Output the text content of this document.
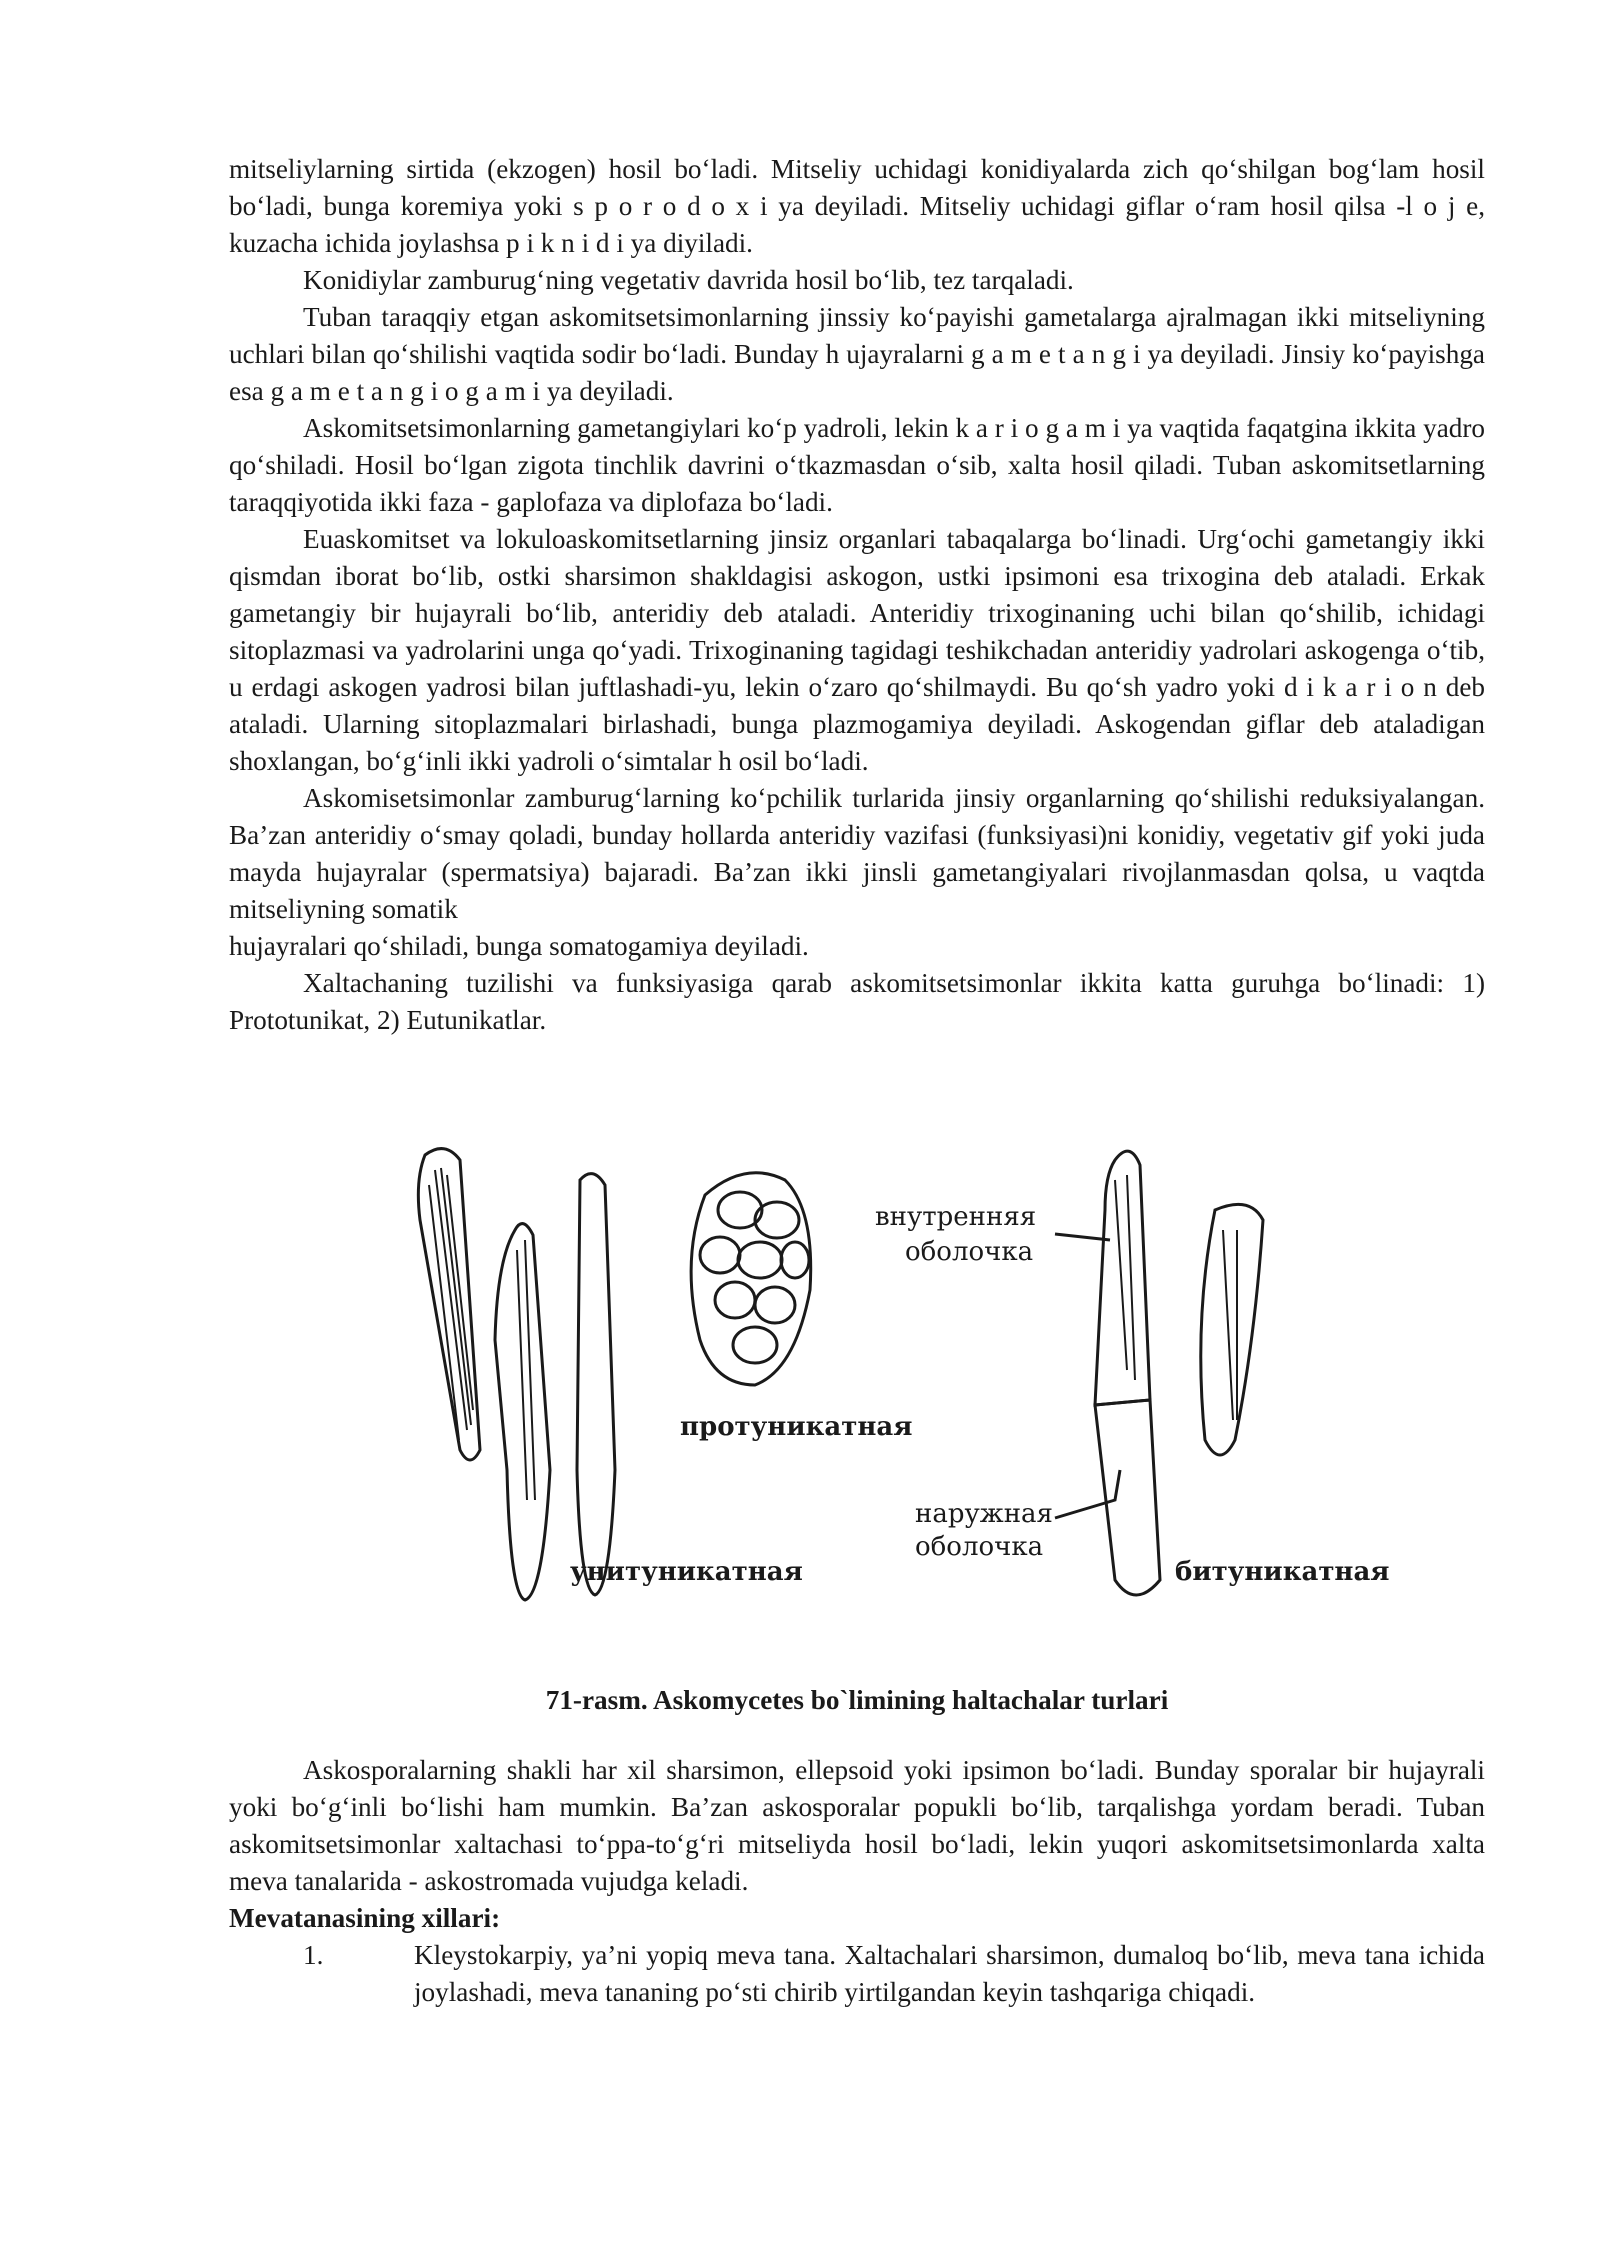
mitseliylarning sirtida (ekzogen) hosil bo‘ladi. Mitseliy uchidagi konidiyalarda zich qo‘shilgan bog‘lam hosil bo‘ladi, bunga koremiya yoki s p o r o d o x i ya deyiladi. Mitseliy uchidagi giflar o‘ram hosil qilsa -l o j e, kuzacha ichida joylashsa p i k n i d i ya diyiladi.

Konidiylar zamburug‘ning vegetativ davrida hosil bo‘lib, tez tarqaladi.

Tuban taraqqiy etgan askomitsetsimonlarning jinssiy ko‘payishi gametalarga ajralmagan ikki mitseliyning uchlari bilan qo‘shilishi vaqtida sodir bo‘ladi. Bunday h ujayralarni g a m e t a n g i ya deyiladi. Jinsiy ko‘payishga esa g a m e t a n g i o g a m i ya deyiladi.

Askomitsetsimonlarning gametangiylari ko‘p yadroli, lekin k a r i o g a m i ya vaqtida faqatgina ikkita yadro qo‘shiladi. Hosil bo‘lgan zigota tinchlik davrini o‘tkazmasdan o‘sib, xalta hosil qiladi. Tuban askomitsetlarning taraqqiyotida ikki faza - gaplofaza va diplofaza bo‘ladi.

Euaskomitset va lokuloaskomitsetlarning jinsiz organlari tabaqalarga bo‘linadi. Urg‘ochi gametangiy ikki qismdan iborat bo‘lib, ostki sharsimon shakldagisi askogon, ustki ipsimoni esa trixogina deb ataladi. Erkak gametangiy bir hujayrali bo‘lib, anteridiy deb ataladi. Anteridiy trixoginaning uchi bilan qo‘shilib, ichidagi sitoplazmasi va yadrolarini unga qo‘yadi. Trixoginaning tagidagi teshikchadan anteridiy yadrolari askogenga o‘tib, u erdagi askogen yadrosi bilan juftlashadi-yu, lekin o‘zaro qo‘shilmaydi. Bu qo‘sh yadro yoki d i k a r i o n deb ataladi. Ularning sitoplazmalari birlashadi, bunga plazmogamiya deyiladi. Askogendan giflar deb ataladigan shoxlangan, bo‘g‘inli ikki yadroli o‘simtalar h osil bo‘ladi.

Askomisetsimonlar zamburug‘larning ko‘pchilik turlarida jinsiy organlarning qo‘shilishi reduksiyalangan. Ba’zan anteridiy o‘smay qoladi, bunday hollarda anteridiy vazifasi (funksiyasi)ni konidiy, vegetativ gif yoki juda mayda hujayralar (spermatsiya) bajaradi. Ba’zan ikki jinsli gametangiyalari rivojlanmasdan qolsa, u vaqtda mitseliyning somatik

hujayralari qo‘shiladi, bunga somatogamiya deyiladi.

Xaltachaning tuzilishi va funksiyasiga qarab askomitsetsimonlar ikkita katta guruhga bo‘linadi: 1) Prototunikat, 2) Eutunikatlar.

внутренняя
оболочка
протуникатная
наружная
оболочка
унитуникатная	битуникатная
71-rasm. Askomycetes bo`limining haltachalar turlari

Askosporalarning shakli har xil sharsimon, ellepsoid yoki ipsimon bo‘ladi. Bunday sporalar bir hujayrali yoki bo‘g‘inli bo‘lishi ham mumkin. Ba’zan askosporalar popukli bo‘lib, tarqalishga yordam beradi. Tuban askomitsetsimonlar xaltachasi to‘ppa-to‘g‘ri mitseliyda hosil bo‘ladi, lekin yuqori askomitsetsimonlarda xalta meva tanalarida - askostromada vujudga keladi.

Mevatanasining xillari:

1.	Kleystokarpiy, ya’ni yopiq meva tana. Xaltachalari sharsimon, dumaloq bo‘lib, meva tana ichida joylashadi, meva tananing po‘sti chirib yirtilgandan keyin tashqariga chiqadi.
